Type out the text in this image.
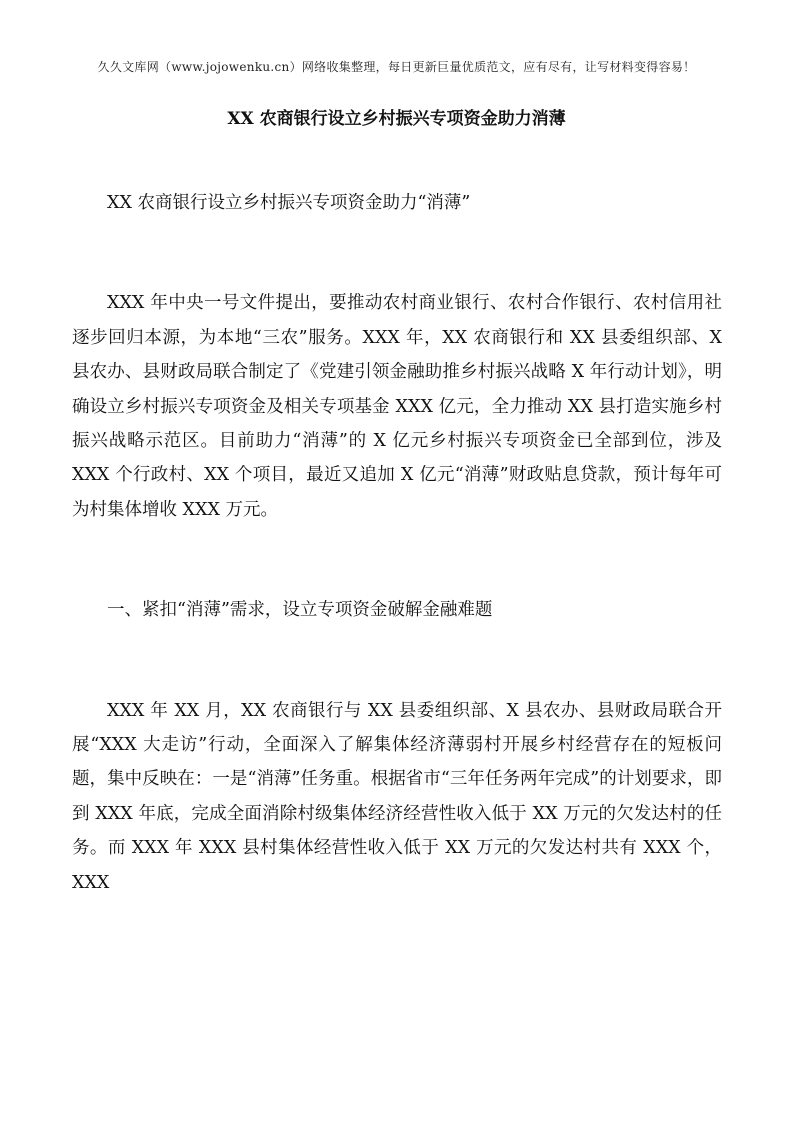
久久文库网（www.jojowenku.cn）网络收集整理，每日更新巨量优质范文，应有尽有，让写材料变得容易！
XX 农商银行设立乡村振兴专项资金助力消薄

XX 农商银行设立乡村振兴专项资金助力“消薄”

XXX 年中央一号文件提出，要推动农村商业银行、农村合作银行、农村信用社逐步回归本源，为本地“三农”服务。XXX 年，XX 农商银行和 XX 县委组织部、X 县农办、县财政局联合制定了《党建引领金融助推乡村振兴战略 X 年行动计划》，明确设立乡村振兴专项资金及相关专项基金 XXX 亿元，全力推动 XX 县打造实施乡村振兴战略示范区。目前助力“消薄”的 X 亿元乡村振兴专项资金已全部到位，涉及 XXX 个行政村、XX 个项目，最近又追加 X 亿元“消薄”财政贴息贷款，预计每年可为村集体增收 XXX 万元。

一、紧扣“消薄”需求，设立专项资金破解金融难题

XXX 年 XX 月，XX 农商银行与 XX 县委组织部、X 县农办、县财政局联合开展“XXX 大走访”行动，全面深入了解集体经济薄弱村开展乡村经营存在的短板问题，集中反映在：一是“消薄”任务重。根据省市“三年任务两年完成”的计划要求，即到 XXX 年底，完成全面消除村级集体经济经营性收入低于 XX 万元的欠发达村的任务。而 XXX 年 XXX 县村集体经营性收入低于 XX 万元的欠发达村共有 XXX 个，XXX
